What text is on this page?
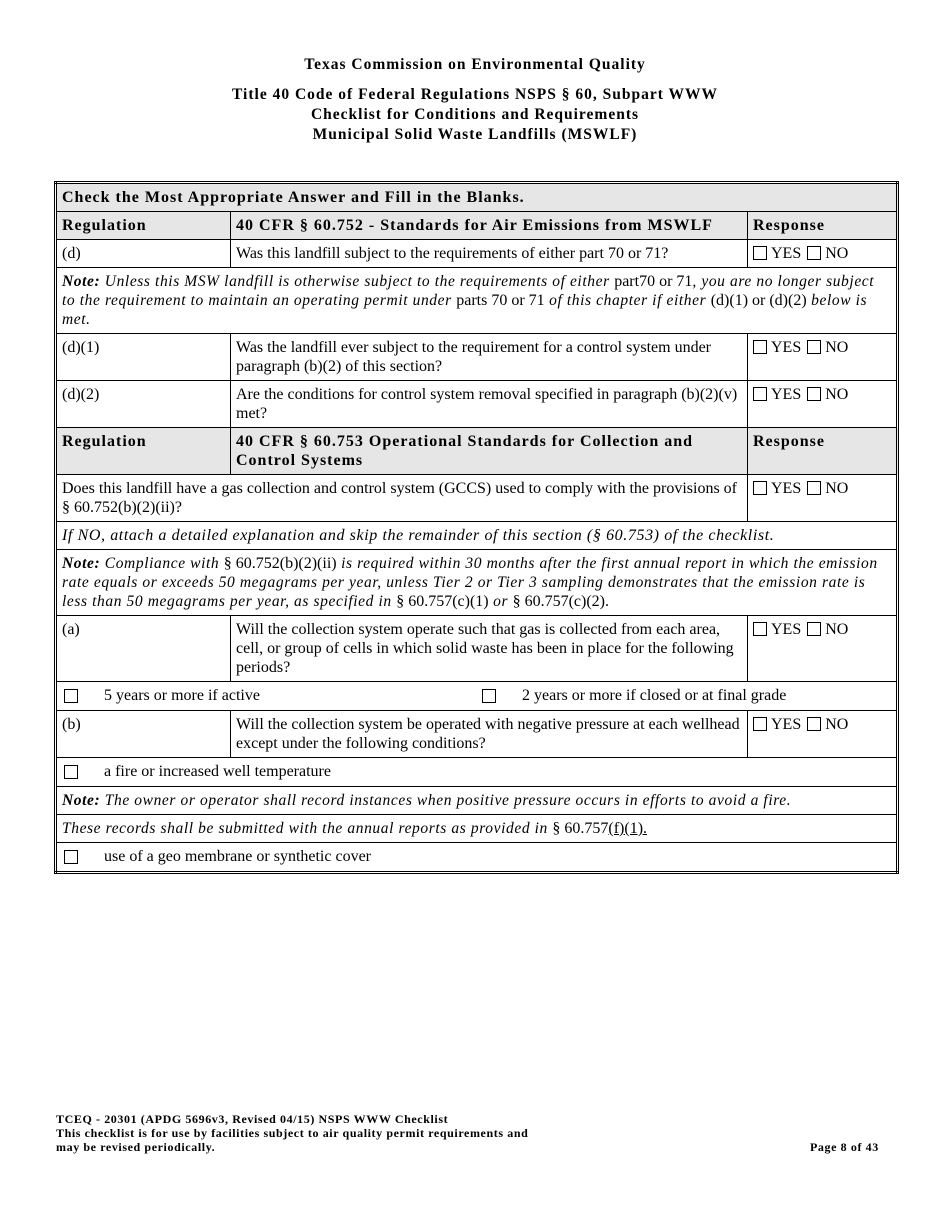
Texas Commission on Environmental Quality
Title 40 Code of Federal Regulations NSPS § 60, Subpart WWW
Checklist for Conditions and Requirements
Municipal Solid Waste Landfills (MSWLF)
Check the Most Appropriate Answer and Fill in the Blanks.		
Regulation	40 CFR § 60.752 - Standards for Air Emissions from MSWLF	Response
(d)	Was this landfill subject to the requirements of either part 70 or 71?	YES NO
Note: Unless this MSW landfill is otherwise subject to the requirements of either part70 or 71, you are no longer subject to the requirement to maintain an operating permit under parts 70 or 71 of this chapter if either (d)(1) or (d)(2) below is met.		
(d)(1)	Was the landfill ever subject to the requirement for a control system under paragraph (b)(2) of this section?	YES NO
(d)(2)	Are the conditions for control system removal specified in paragraph (b)(2)(v) met?	YES NO
Regulation	40 CFR § 60.753 Operational Standards for Collection and Control Systems	Response
Does this landfill have a gas collection and control system (GCCS) used to comply with the provisions of § 60.752(b)(2)(ii)?		YES NO
If NO, attach a detailed explanation and skip the remainder of this section (§ 60.753) of the checklist.		
Note: Compliance with § 60.752(b)(2)(ii) is required within 30 months after the first annual report in which the emission rate equals or exceeds 50 megagrams per year, unless Tier 2 or Tier 3 sampling demonstrates that the emission rate is less than 50 megagrams per year, as specified in § 60.757(c)(1) or § 60.757(c)(2).		
(a)	Will the collection system operate such that gas is collected from each area, cell, or group of cells in which solid waste has been in place for the following periods?	YES NO

5 years or more if active 2 years or more if closed or at final grade		

(b)	Will the collection system be operated with negative pressure at each wellhead except under the following conditions?	YES NO

a fire or increased well temperature		

Note: The owner or operator shall record instances when positive pressure occurs in efforts to avoid a fire.		
These records shall be submitted with the annual reports as provided in § 60.757(f)(1).		

use of a geo membrane or synthetic cover		
TCEQ - 20301 (APDG 5696v3, Revised 04/15) NSPS WWW Checklist
This checklist is for use by facilities subject to air quality permit requirements and
may be revised periodically.	Page 8 of 43
